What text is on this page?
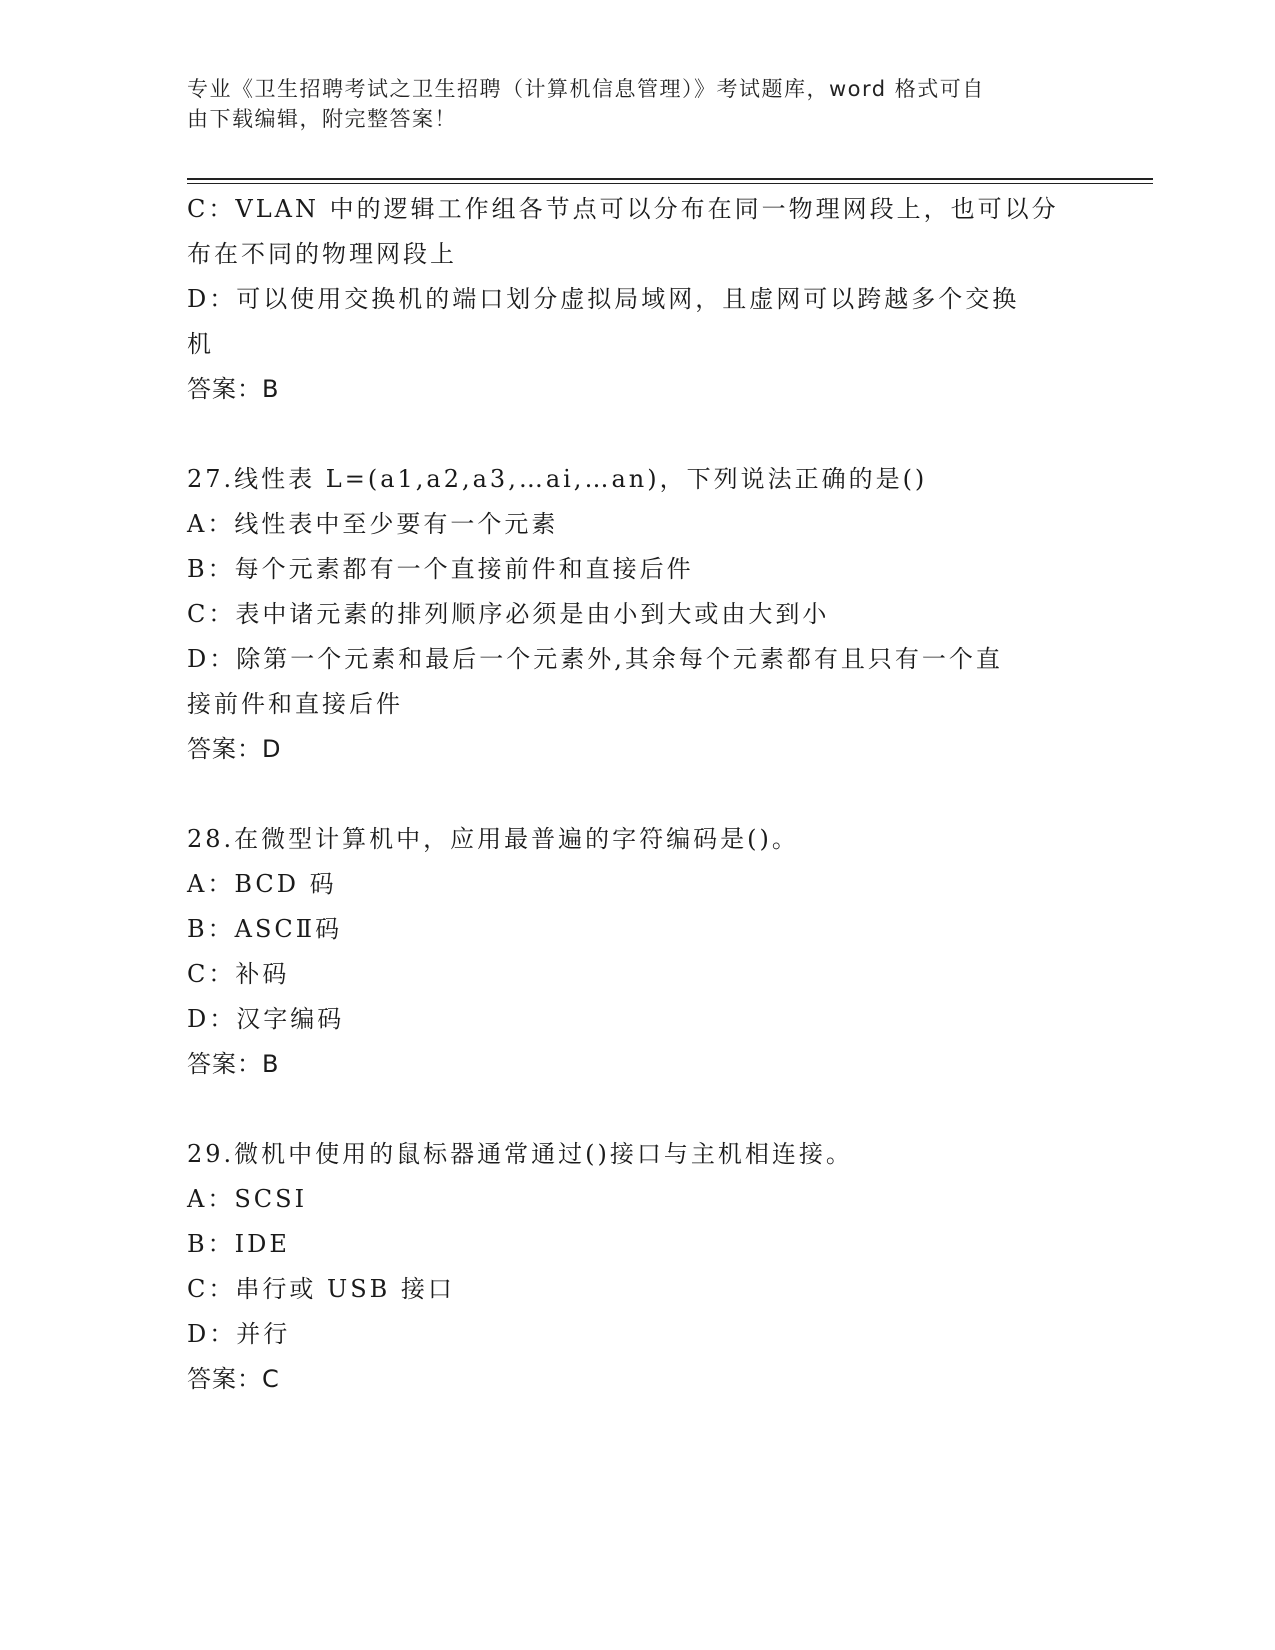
专业《卫生招聘考试之卫生招聘（计算机信息管理）》考试题库，word 格式可自
由下载编辑，附完整答案！
C：VLAN 中的逻辑工作组各节点可以分布在同一物理网段上，也可以分
布在不同的物理网段上
D：可以使用交换机的端口划分虚拟局域网，且虚网可以跨越多个交换
机
答案：B
27.线性表 L=(a1,a2,a3,…ai,…an)，下列说法正确的是()
A：线性表中至少要有一个元素
B：每个元素都有一个直接前件和直接后件
C：表中诸元素的排列顺序必须是由小到大或由大到小
D：除第一个元素和最后一个元素外,其余每个元素都有且只有一个直
接前件和直接后件
答案：D
28.在微型计算机中，应用最普遍的字符编码是()。
A：BCD 码
B：ASCⅡ码
C：补码
D：汉字编码
答案：B
29.微机中使用的鼠标器通常通过()接口与主机相连接。
A：SCSI
B：IDE
C：串行或 USB 接口
D：并行
答案：C
